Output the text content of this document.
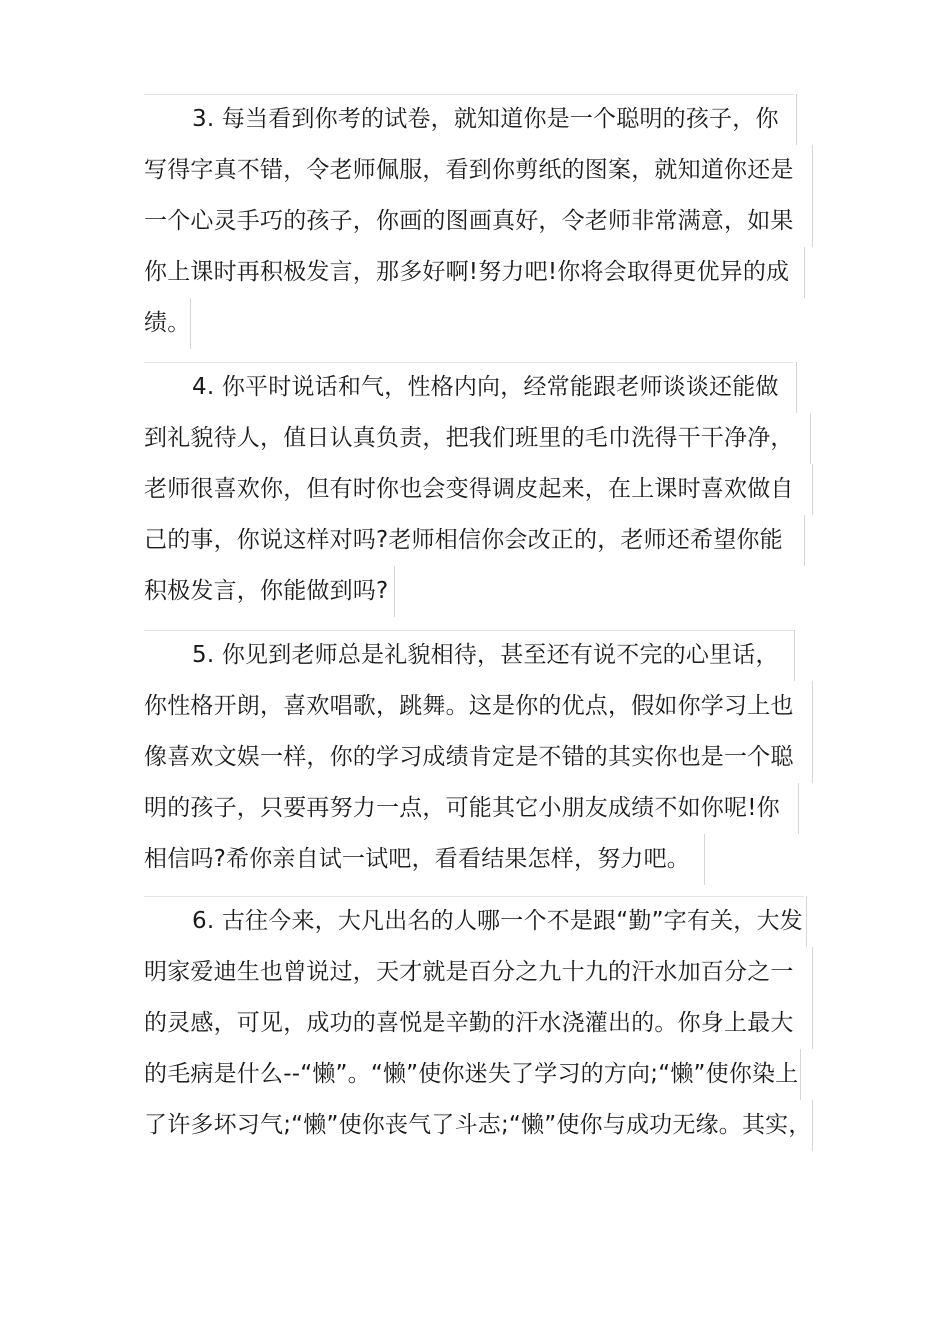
3. 每当看到你考的试卷，就知道你是一个聪明的孩子，你
写得字真不错，令老师佩服，看到你剪纸的图案，就知道你还是
一个心灵手巧的孩子，你画的图画真好，令老师非常满意，如果
你上课时再积极发言，那多好啊!努力吧!你将会取得更优异的成
绩。
4. 你平时说话和气，性格内向，经常能跟老师谈谈还能做
到礼貌待人，值日认真负责，把我们班里的毛巾洗得干干净净，
老师很喜欢你，但有时你也会变得调皮起来，在上课时喜欢做自
己的事，你说这样对吗?老师相信你会改正的，老师还希望你能
积极发言，你能做到吗?
5. 你见到老师总是礼貌相待，甚至还有说不完的心里话，
你性格开朗，喜欢唱歌，跳舞。这是你的优点，假如你学习上也
像喜欢文娱一样，你的学习成绩肯定是不错的其实你也是一个聪
明的孩子，只要再努力一点，可能其它小朋友成绩不如你呢!你
相信吗?希你亲自试一试吧，看看结果怎样，努力吧。
6. 古往今来，大凡出名的人哪一个不是跟“勤”字有关，大发
明家爱迪生也曾说过，天才就是百分之九十九的汗水加百分之一
的灵感，可见，成功的喜悦是辛勤的汗水浇灌出的。你身上最大
的毛病是什么--“懒”。“懒”使你迷失了学习的方向;“懒”使你染上
了许多坏习气;“懒”使你丧气了斗志;“懒”使你与成功无缘。其实，
